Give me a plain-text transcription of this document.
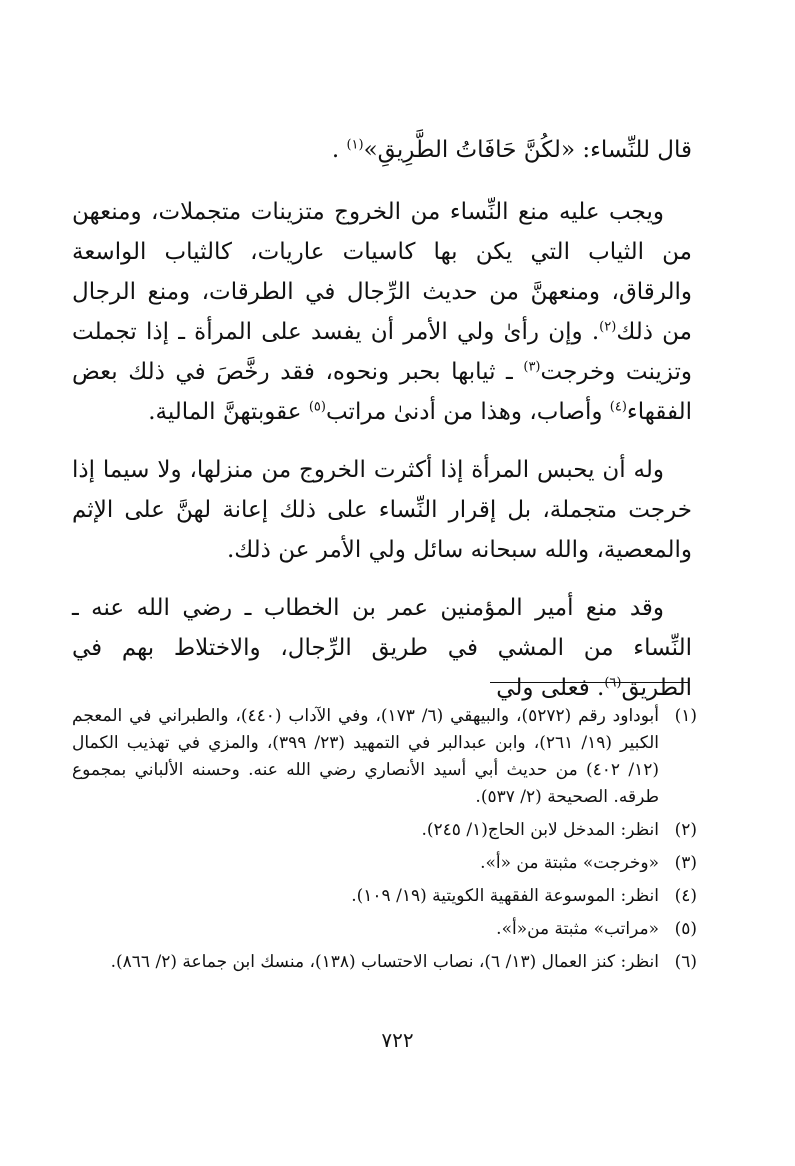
قال للنِّساء: «لكُنَّ حَافَاتُ الطَّرِيقِ»$^{(١)}$ .

ويجب عليه منع النِّساء من الخروج متزينات متجملات، ومنعهن من الثياب التي يكن بها كاسيات عاريات، كالثياب الواسعة والرقاق، ومنعهنَّ من حديث الرِّجال في الطرقات، ومنع الرجال من ذلك$^{(٢)}$. وإن رأىٰ ولي الأمر أن يفسد على المرأة ـ إذا تجملت وتزينت وخرجت$^{(٣)}$ ـ ثيابها بحبر ونحوه، فقد رخَّصَ في ذلك بعض الفقهاء$^{(٤)}$ وأصاب، وهذا من أدنىٰ مراتب$^{(٥)}$ عقوبتهنَّ المالية.

وله أن يحبس المرأة إذا أكثرت الخروج من منزلها، ولا سيما إذا خرجت متجملة، بل إقرار النِّساء على ذلك إعانة لهنَّ على الإثم والمعصية، والله سبحانه سائل ولي الأمر عن ذلك.

وقد منع أمير المؤمنين عمر بن الخطاب ـ رضي الله عنه ـ النِّساء من المشي في طريق الرِّجال، والاختلاط بهم في الطريق$^{(٦)}$. فعلى ولي

(١)
أبوداود رقم (٥٢٧٢)، والبيهقي (٦/ ١٧٣)، وفي الآداب (٤٤٠)، والطبراني في المعجم الكبير (١٩/ ٢٦١)، وابن عبدالبر في التمهيد (٢٣/ ٣٩٩)، والمزي في تهذيب الكمال (١٢/ ٤٠٢) من حديث أبي أسيد الأنصاري رضي الله عنه. وحسنه الألباني بمجموع طرقه. الصحيحة (٢/ ٥٣٧).
(٢)
انظر: المدخل لابن الحاج(١/ ٢٤٥).
(٣)
«وخرجت» مثبتة من «أ».
(٤)
انظر: الموسوعة الفقهية الكويتية (١٩/ ١٠٩).
(٥)
«مراتب» مثبتة من«أ».
(٦)
انظر: كنز العمال (١٣/ ٦)، نصاب الاحتساب (١٣٨)، منسك ابن جماعة (٢/ ٨٦٦).
٧٢٢
